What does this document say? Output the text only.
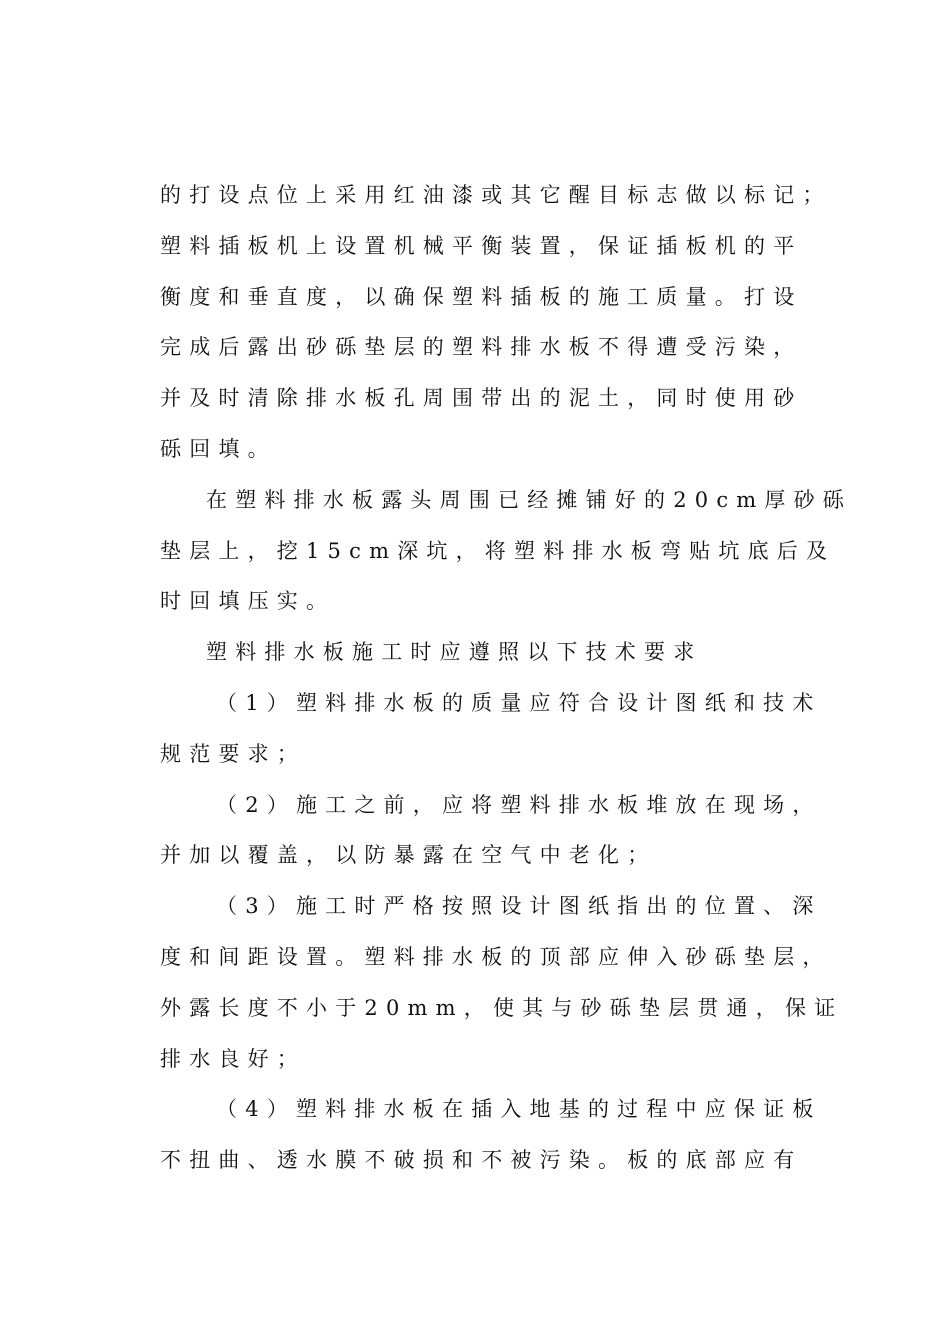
的打设点位上采用红油漆或其它醒目标志做以标记；
塑料插板机上设置机械平衡装置，保证插板机的平
衡度和垂直度，以确保塑料插板的施工质量。打设
完成后露出砂砾垫层的塑料排水板不得遭受污染，
并及时清除排水板孔周围带出的泥土，同时使用砂
砾回填。
在塑料排水板露头周围已经摊铺好的20cm厚砂砾
垫层上，挖15cm深坑，将塑料排水板弯贴坑底后及
时回填压实。
塑料排水板施工时应遵照以下技术要求
（1）塑料排水板的质量应符合设计图纸和技术
规范要求；
（2）施工之前，应将塑料排水板堆放在现场，
并加以覆盖，以防暴露在空气中老化；
（3）施工时严格按照设计图纸指出的位置、深
度和间距设置。塑料排水板的顶部应伸入砂砾垫层，
外露长度不小于20mm，使其与砂砾垫层贯通，保证
排水良好；
（4）塑料排水板在插入地基的过程中应保证板
不扭曲、透水膜不破损和不被污染。板的底部应有
